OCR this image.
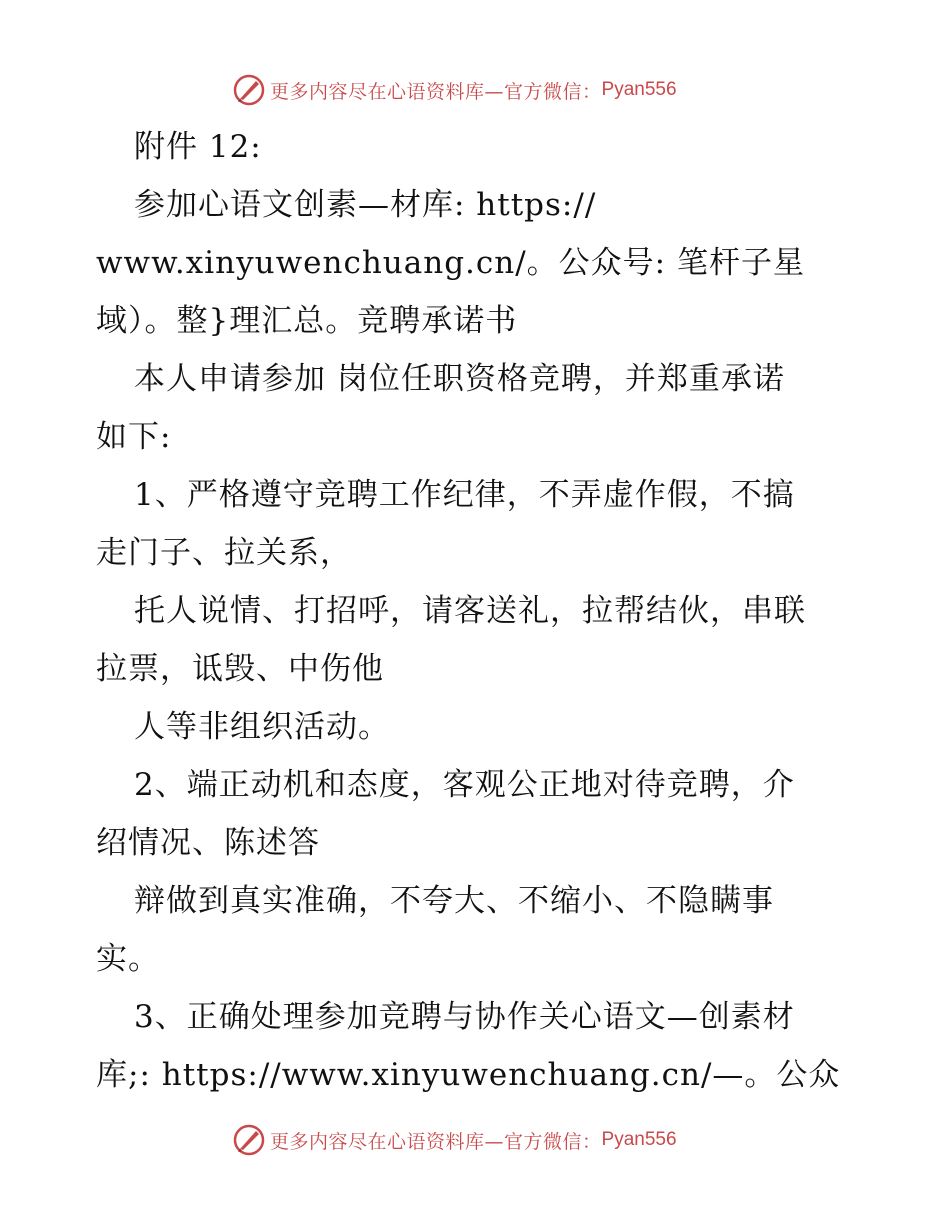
更多内容尽在心语资料库—官方微信： Pyan556
附件 12:
参加心语文创素—材库: https://
www.xinyuwenchuang.cn/。公众号: 笔杆子星
域）。整}理汇总。竞聘承诺书
本人申请参加 岗位任职资格竞聘，并郑重承诺
如下:
1、严格遵守竞聘工作纪律，不弄虚作假，不搞
走门子、拉关系，
托人说情、打招呼，请客送礼，拉帮结伙，串联
拉票，诋毁、中伤他
人等非组织活动。
2、端正动机和态度，客观公正地对待竞聘，介
绍情况、陈述答
辩做到真实准确，不夸大、不缩小、不隐瞒事
实。
3、正确处理参加竞聘与协作关心语文—创素材
库;: https://www.xinyuwenchuang.cn/—。公众
更多内容尽在心语资料库—官方微信： Pyan556
